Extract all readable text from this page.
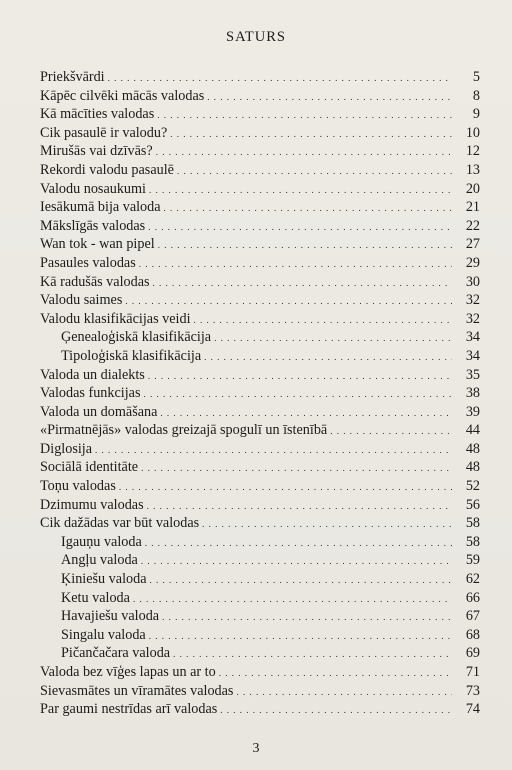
SATURS
Priekšvārdi . . .	5
Kāpēc cilvēki mācās valodas . . .	8
Kā mācīties valodas . . .	9
Cik pasaulē ir valodu? . . .	10
Mirušās vai dzīvās? . . .	12
Rekordi valodu pasaulē . . .	13
Valodu nosaukumi . . .	20
Iesākumā bija valoda . . .	21
Mākslīgās valodas . . .	22
Wan tok - wan pipel . . .	27
Pasaules valodas . . .	29
Kā radušās valodas . . .	30
Valodu saimes . . .	32
Valodu klasifikācijas veidi . . .	32
Ģenealoģiskā klasifikācija . . .	34
Tipoloģiskā klasifikācija . . .	34
Valoda un dialekts . . .	35
Valodas funkcijas . . .	38
Valoda un domāšana . . .	39
«Pirmatnējās» valodas greizajā spogulī un īstenībā . . .	44
Diglosija . . .	48
Sociālā identitāte . . .	48
Toņu valodas . . .	52
Dzimumu valodas . . .	56
Cik dažādas var būt valodas . . .	58
Igauņu valoda . . .	58
Angļu valoda . . .	59
Ķiniešu valoda . . .	62
Ketu valoda . . .	66
Havajiešu valoda . . .	67
Singalu valoda . . .	68
Pičančačara valoda . . .	69
Valoda bez vīģes lapas un ar to . . .	71
Sievasmātes un vīramātes valodas . . .	73
Par gaumi nestrīdas arī valodas . . .	74
3
